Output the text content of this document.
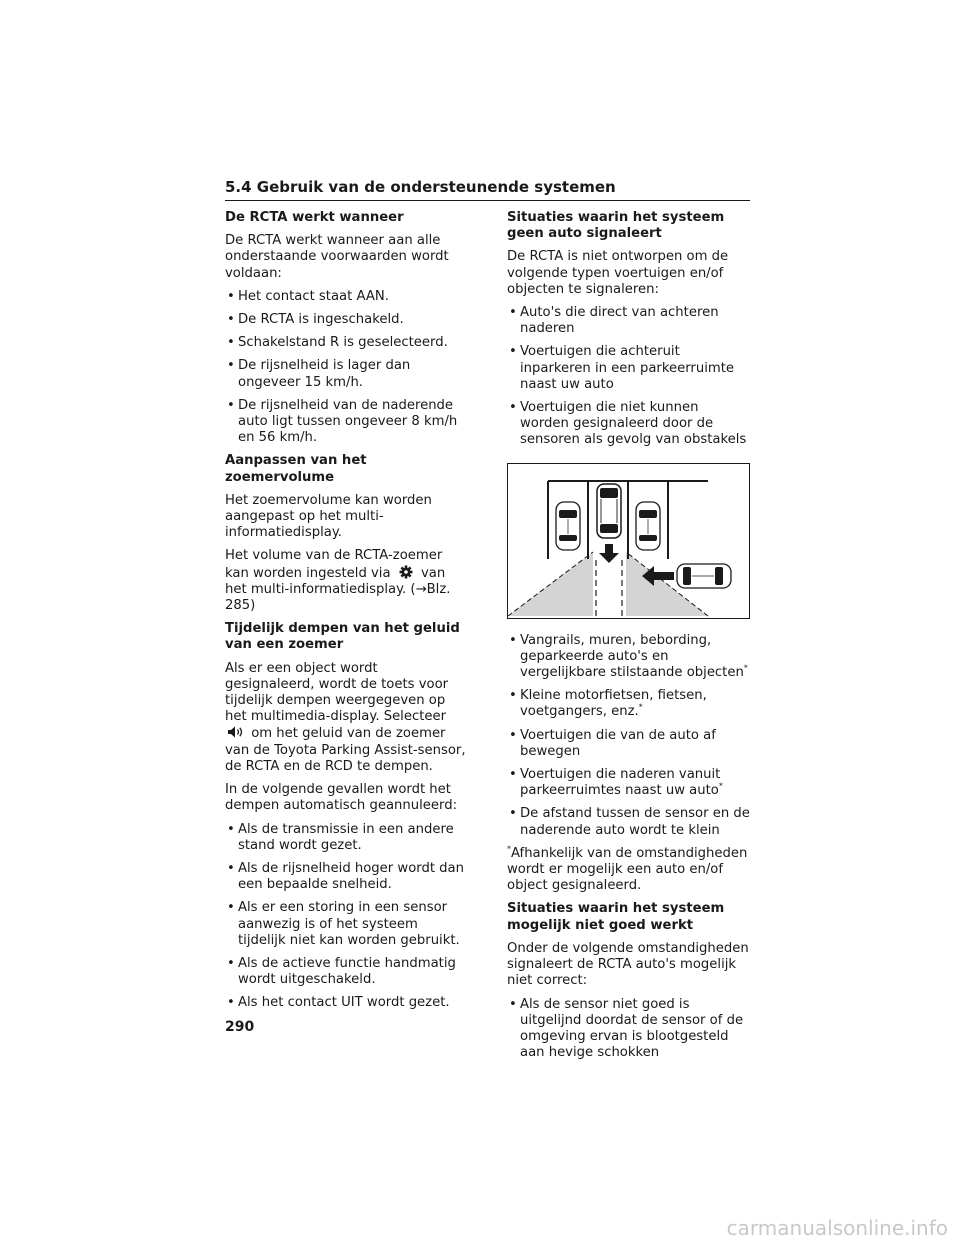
5.4 Gebruik van de ondersteunende systemen
De RCTA werkt wanneer

De RCTA werkt wanneer aan alle onderstaande voorwaarden wordt voldaan:

• Het contact staat AAN.
• De RCTA is ingeschakeld.
• Schakelstand R is geselecteerd.
• De rijsnelheid is lager dan ongeveer 15 km/h.
• De rijsnelheid van de naderende auto ligt tussen ongeveer 8 km/h en 56 km/h.
Aanpassen van het zoemervolume

Het zoemervolume kan worden aangepast op het multi-informatiedisplay.

Het volume van de RCTA-zoemer kan worden ingesteld via van het multi-informatiedisplay. (→Blz. 285)

Tijdelijk dempen van het geluid van een zoemer

Als er een object wordt gesignaleerd, wordt de toets voor tijdelijk dempen weergegeven op het multimedia-display. Selecteer  om het geluid van de zoemer van de Toyota Parking Assist-sensor, de RCTA en de RCD te dempen.

In de volgende gevallen wordt het dempen automatisch geannuleerd:

• Als de transmissie in een andere stand wordt gezet.
• Als de rijsnelheid hoger wordt dan een bepaalde snelheid.
• Als er een storing in een sensor aanwezig is of het systeem tijdelijk niet kan worden gebruikt.
• Als de actieve functie handmatig wordt uitgeschakeld.
• Als het contact UIT wordt gezet.
Situaties waarin het systeem geen auto signaleert

De RCTA is niet ontworpen om de volgende typen voertuigen en/of objecten te signaleren:

• Auto's die direct van achteren naderen
• Voertuigen die achteruit inparkeren in een parkeerruimte naast uw auto
• Voertuigen die niet kunnen worden gesignaleerd door de sensoren als gevolg van obstakels
• Vangrails, muren, bebording, geparkeerde auto's en vergelijkbare stilstaande objecten*
• Kleine motorfietsen, fietsen, voetgangers, enz.*
• Voertuigen die van de auto af bewegen
• Voertuigen die naderen vanuit parkeerruimtes naast uw auto*
• De afstand tussen de sensor en de naderende auto wordt te klein

*Afhankelijk van de omstandigheden wordt er mogelijk een auto en/of object gesignaleerd.

Situaties waarin het systeem mogelijk niet goed werkt

Onder de volgende omstandigheden signaleert de RCTA auto's mogelijk niet correct:

• Als de sensor niet goed is uitgelijnd doordat de sensor of de omgeving ervan is blootgesteld aan hevige schokken
290
carmanualsonline.info
